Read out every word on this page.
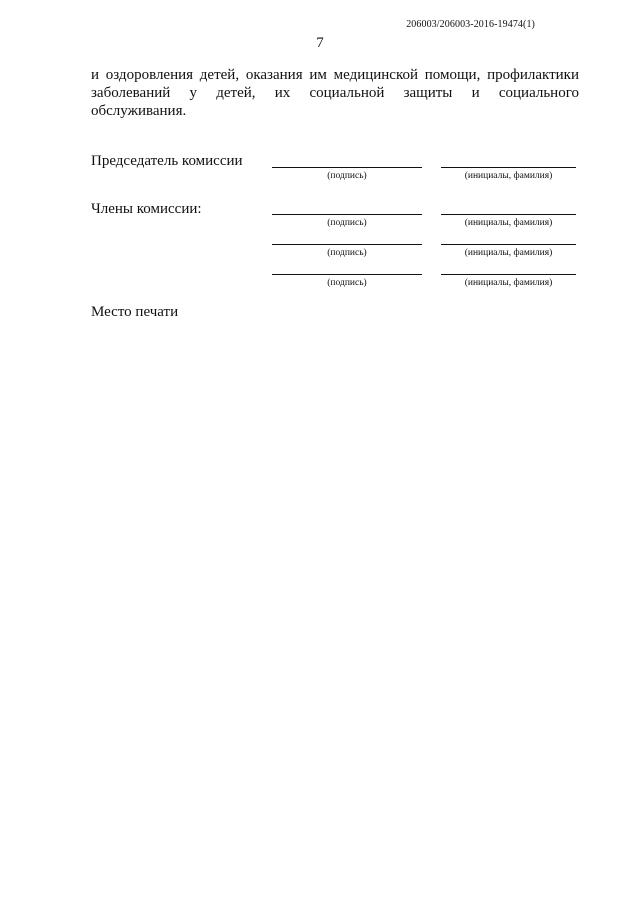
206003/206003-2016-19474(1)
7
и оздоровления детей, оказания им медицинской помощи, профилактики
заболеваний у детей, их социальной защиты и социального
обслуживания.
Председатель комиссии
(подпись)	(инициалы, фамилия)
Члены комиссии:
(подпись)	(инициалы, фамилия)
(подпись)	(инициалы, фамилия)
(подпись)	(инициалы, фамилия)
Место печати
